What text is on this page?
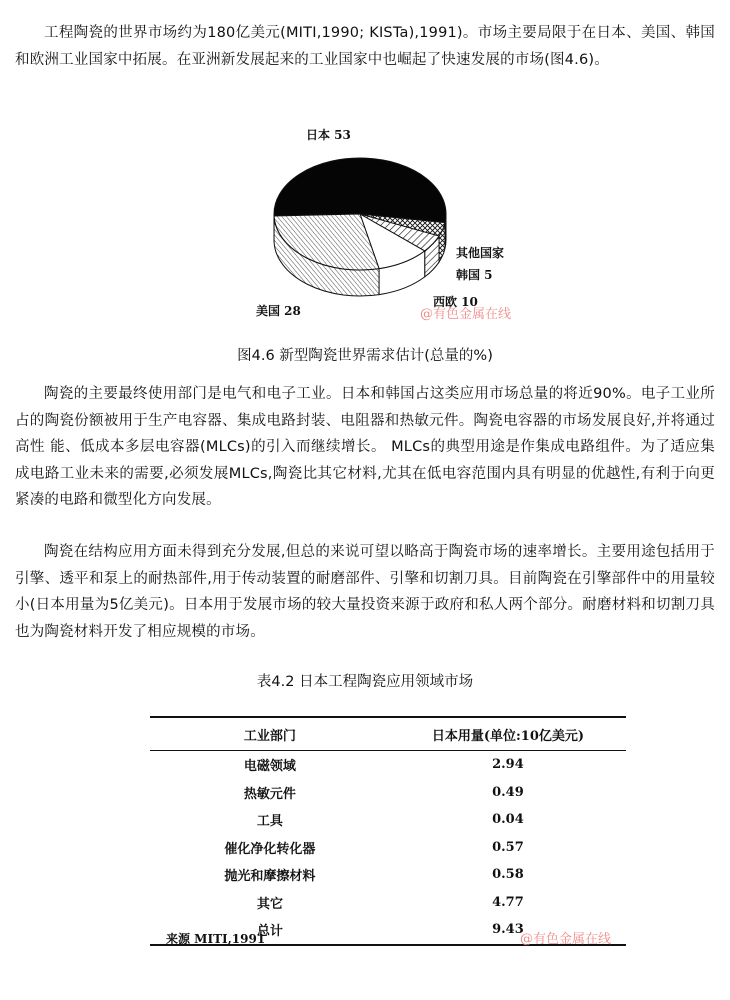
工程陶瓷的世界市场约为180亿美元(MITI,1990; KISTa),1991)。市场主要局限于在日本、美国、韩国和欧洲工业国家中拓展。在亚洲新发展起来的工业国家中也崛起了快速发展的市场(图4.6)。

日本 53
其他国家
韩国 5
西欧 10
美国 28	@有色金属在线

图4.6 新型陶瓷世界需求估计(总量的%)

陶瓷的主要最终使用部门是电气和电子工业。日本和韩国占这类应用市场总量的将近90%。电子工业所占的陶瓷份额被用于生产电容器、集成电路封装、电阻器和热敏元件。陶瓷电容器的市场发展良好,并将通过高性 能、低成本多层电容器(MLCs)的引入而继续增长。 MLCs的典型用途是作集成电路组件。为了适应集成电路工业未来的需要,必须发展MLCs,陶瓷比其它材料,尤其在低电容范围内具有明显的优越性,有利于向更紧凑的电路和微型化方向发展。

陶瓷在结构应用方面未得到充分发展,但总的来说可望以略高于陶瓷市场的速率增长。主要用途包括用于引擎、透平和泵上的耐热部件,用于传动装置的耐磨部件、引擎和切割刀具。目前陶瓷在引擎部件中的用量较小(日本用量为5亿美元)。日本用于发展市场的较大量投资来源于政府和私人两个部分。耐磨材料和切割刀具也为陶瓷材料开发了相应规模的市场。

表4.2 日本工程陶瓷应用领域市场

工业部门	日本用量(单位:10亿美元)
电磁领域	2.94
热敏元件	0.49
工具	0.04
催化净化转化器	0.57
抛光和摩擦材料	0.58
其它	4.77
总计	9.43
来源 MITI,1991	@有色金属在线
